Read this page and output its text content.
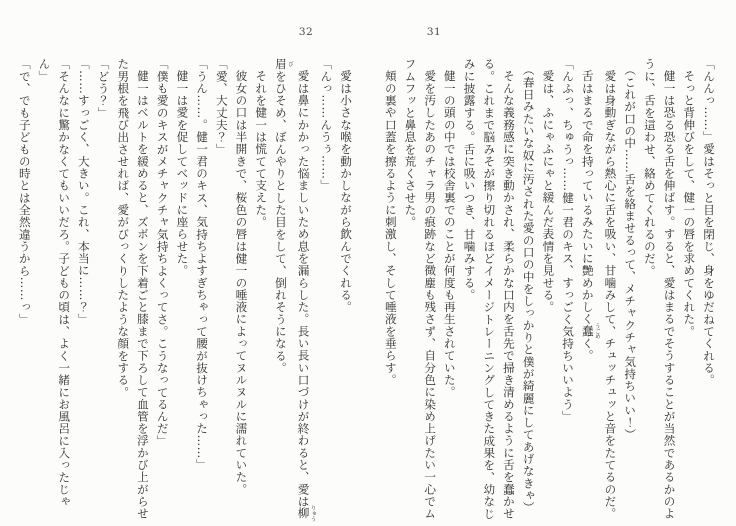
32
愛は小さな喉を動かしながら飲んでくれる。
「んっ……んうぅ……」
愛は鼻にかかった悩ましいため息を漏らした。長い長い口づけが終わると、愛は柳 りゅう
眉 びをひそめ、ぼんやりとした目をして、倒れそうになる。
それを健一は慌てて支えた。
彼女の口は半開きで、桜色の唇は健一の唾液によってヌルヌルに濡れていた。
「愛、大丈夫？」
「うん……。健一君のキス、気持ちよすぎちゃって腰が抜けちゃった……」
健一は愛を促してベッドに座らせた。
「僕も愛のキスがメチャクチャ気持ちよくってさ。こうなってるんだ」
健一はベルトを緩めると、ズボンを下着ごと膝まで下ろして血管を浮かび上がらせ
た男根を飛び出させれば、愛がびっくりしたような顔をする。
「どう？」
「……すっごく、大きい。これ、本当に……？」
「そんなに驚かなくてもいいだろ。子どもの頃は、よく一緒にお風呂に入ったじゃ
ん」
「で、でも子どもの時とは全然違うから……っ」
31
「んんっ……」愛はそっと目を閉じ、身をゆだねてくれる。
そっと背伸びをして、健一の唇を求めてくれた。
健一は恐る恐る舌を伸ばす。すると、愛はまるでそうすることが当然であるかのよ
うに、舌を這わせ、絡めてくれるのだ。
（これが口の中……舌を絡ませるって、メチャクチャ気持ちいい！）
愛は身動ぎながら熱心に舌を吸い、甘噛みして、チュッチュッと音をたてるのだ。
舌はまるで命を持っているみたいに艶めかしく蠢 うごめく。
「んふっ、ちゅうっ……健一君のキス、すっごく気持ちいいよう」
愛は、ふにゃふにゃと緩んだ表情を見せる。
（春日みたいな奴に汚された愛の口の中をしっかりと僕が綺麗にしてあげなきゃ）
そんな義務感に突き動かされ、柔らかな口内を舌先で掃き清めるように舌を蠢かせ
る。これまで脳みそが擦り切れるほどイメージトレーニングしてきた成果を、幼なじ
みに披露する。舌に吸いつき、甘噛みする。
健一の頭の中では校舎裏でのことが何度も再生されていた。
愛を汚したあのチャラ男の痕跡など微塵も残さず、自分色に染め上げたい一心でム
フムフッと鼻息を荒くさせた。
頬の裏や口蓋を擦るように刺激し、そして唾液を垂らす。
